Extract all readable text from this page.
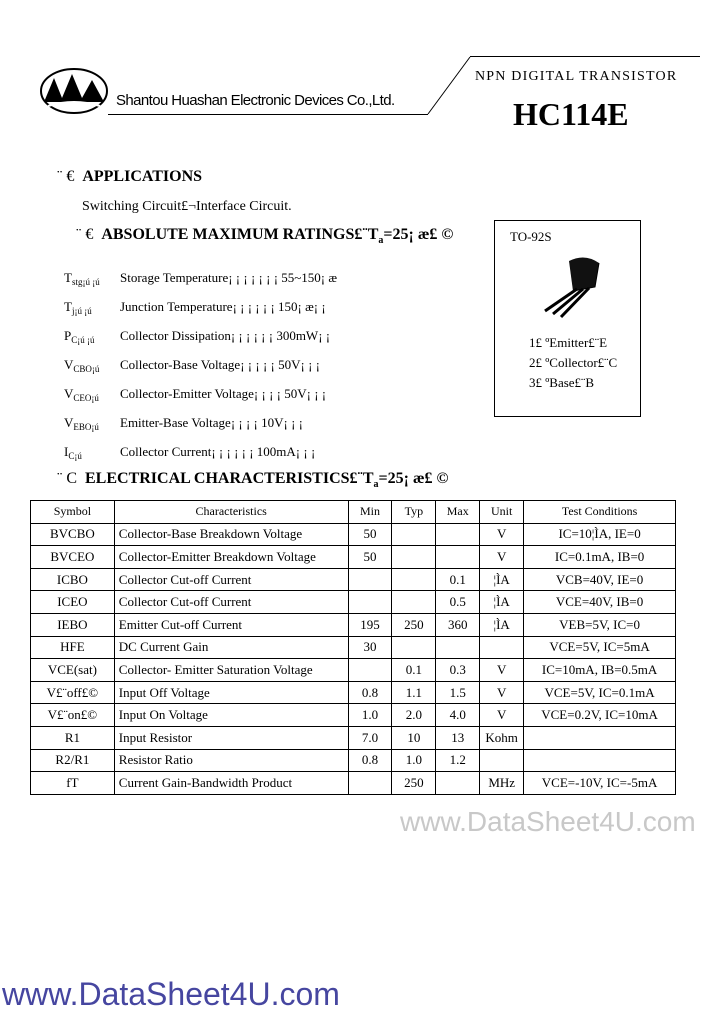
Shantou Huashan Electronic Devices Co.,Ltd.
NPN DIGITAL TRANSISTOR
HC114E
¨ € APPLICATIONS
Switching Circuit£¬Interface Circuit.
¨ € ABSOLUTE MAXIMUM $RATINGS£¨T_a=25¡$ æ£ ©
$T_{stg¡ú ¡ú}$ Storage Temperature¡ ¡ ¡ ¡ ¡ ¡ ¡ 55~150¡ æ
$T_{j¡ú ¡ú}$ Junction Temperature¡ ¡ ¡ ¡ ¡ ¡ 150¡ æ¡ ¡
$P_{C¡ú ¡ú}$ Collector Dissipation¡ ¡ ¡ ¡ ¡ ¡ 300mW¡ ¡
$V_{CBO¡ú}$ Collector-Base Voltage¡ ¡ ¡ ¡ ¡ 50V¡ ¡ ¡
$V_{CEO¡ú}$ Collector-Emitter Voltage¡ ¡ ¡ ¡ 50V¡ ¡ ¡
$V_{EBO¡ú}$ Emitter-Base Voltage¡ ¡ ¡ ¡ 10V¡ ¡ ¡
$I_{C¡ú}$	Collector Current¡ ¡ ¡ ¡ ¡ ¡ 100mA¡ ¡ ¡
TO-92S
1£ ºEmitter£¨E
2£ ºCollector£¨C
3£ ºBase£¨B
¨ C ELECTRICAL $CHARACTERISTICS£¨T_a=25¡$ æ£ ©
Symbol	Characteristics	Min	Typ	Max	Unit	Test Conditions
BVCBO	Collector-Base Breakdown Voltage	50			V	IC=10¦ÌA, IE=0
BVCEO	Collector-Emitter Breakdown Voltage	50			V	IC=0.1mA, IB=0
ICBO	Collector Cut-off Current			0.1	¦ÌA	VCB=40V, IE=0
ICEO	Collector Cut-off Current			0.5	¦ÌA	VCE=40V, IB=0
IEBO	Emitter Cut-off Current	195	250	360	¦ÌA	VEB=5V, IC=0
HFE	DC Current Gain	30				VCE=5V, IC=5mA
VCE(sat)	Collector- Emitter Saturation Voltage		0.1	0.3	V	IC=10mA, IB=0.5mA
V£¨off£©	Input Off Voltage	0.8	1.1	1.5	V	VCE=5V, IC=0.1mA
V£¨on£©	Input On Voltage	1.0	2.0	4.0	V	VCE=0.2V, IC=10mA
R1	Input Resistor	7.0	10	13	Kohm	
R2/R1	Resistor Ratio	0.8	1.0	1.2		
fT	Current Gain-Bandwidth Product		250		MHz	VCE=-10V, IC=-5mA
www.DataSheet4U.com
www.DataSheet4U.com
